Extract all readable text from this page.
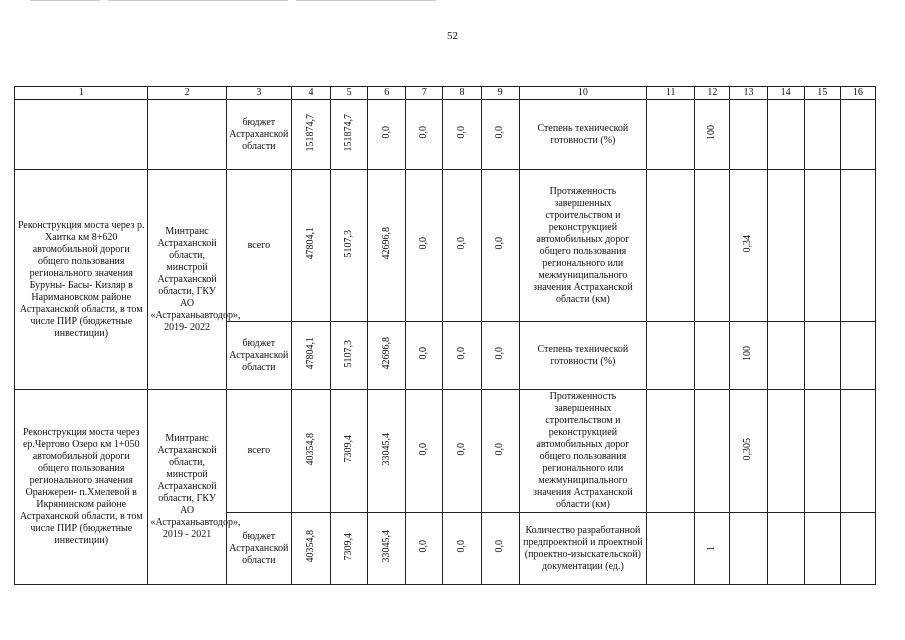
52
1	2	3	4	5	6	7	8	9	10	11	12	13	14	15	16
		бюджет Астраханской области	151874,7	151874,7	0,0	0,0	0,0	0,0	Степень технической готовности (%)		100				
Реконструкция моста через р. Хаитка км 8+620 автомобильной дороги общего пользования регионального значения Буруны- Басы- Кизляр в Наримановском районе Астраханской области, в том числе ПИР (бюджетные инвестиции)	Минтранс Астраханской области, минстрой Астраханской области, ГКУ АО «Астраханьавтодор», 2019- 2022	всего	47804,1	5107,3	42696,8	0,0	0,0	0,0	Протяженность завершенных строительством и реконструкцией автомобильных дорог общего пользования регионального или межмуниципального значения Астраханской области (км)			0,34			
		бюджет Астраханской области	47804,1	5107,3	42696,8	0,0	0,0	0,0	Степень технической готовности (%)			100			
Реконструкция моста через ер.Чертово Озеро км 1+050 автомобильной дороги общего пользования регионального значения Оранжереи- п.Хмелевой в Икрянинском районе Астраханской области, в том числе ПИР (бюджетные инвестиции)	Минтранс Астраханской области, минстрой Астраханской области, ГКУ АО «Астраханьавтодор», 2019 - 2021	всего	40354,8	7309,4	33045,4	0,0	0,0	0,0	Протяженность завершенных строительством и реконструкцией автомобильных дорог общего пользования регионального или межмуниципального значения Астраханской области (км)			0,305			
		бюджет Астраханской области	40354,8	7309,4	33045,4	0,0	0,0	0,0	Количество разработанной предпроектной и проектной (проектно-изыскательской) документации (ед.)		1				
